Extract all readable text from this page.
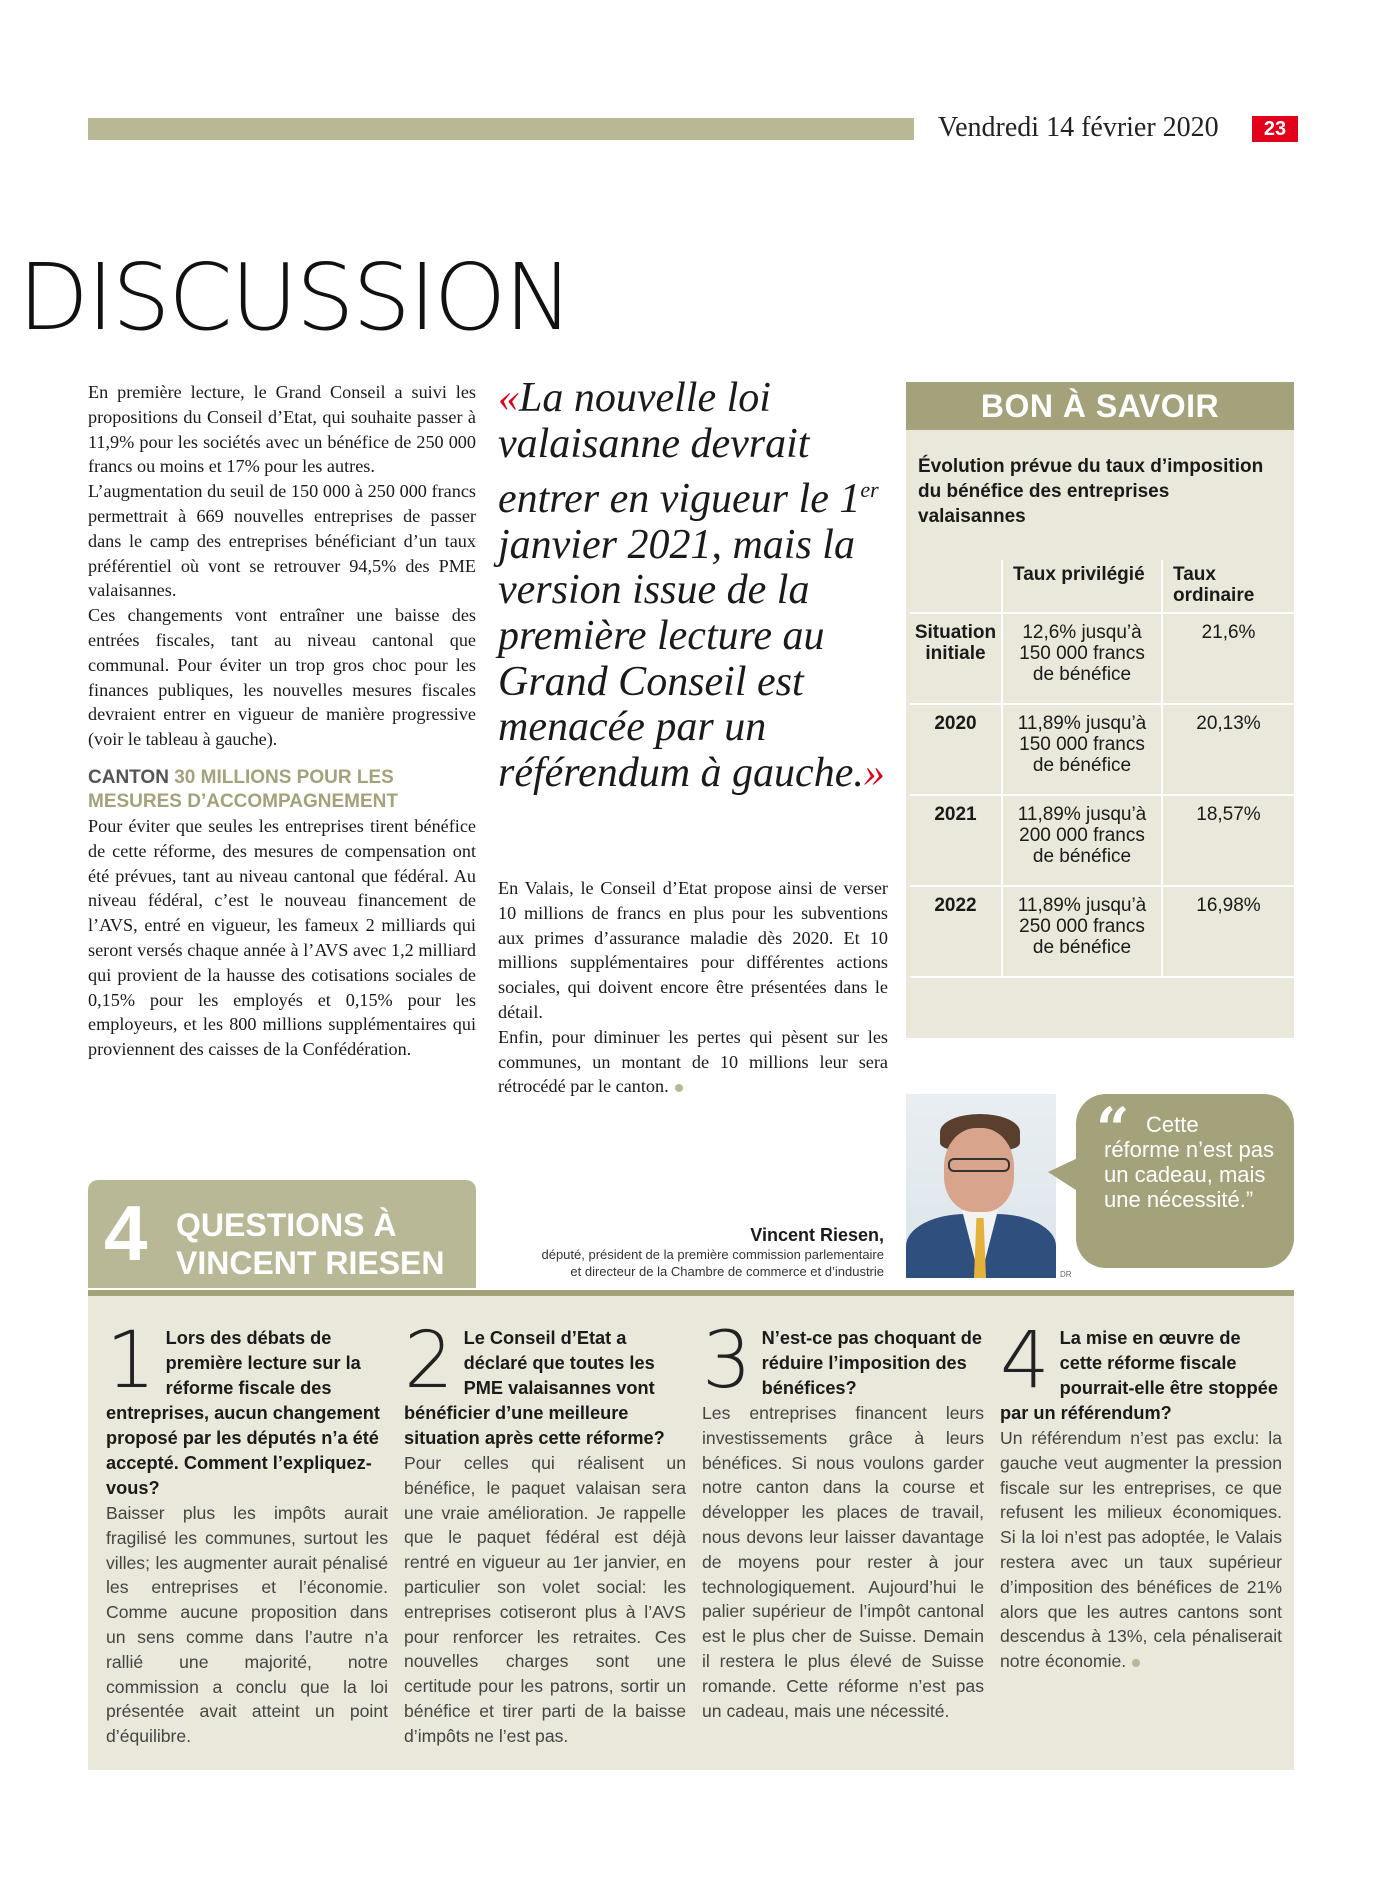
Vendredi 14 février 2020	23
DISCUSSION

En première lecture, le Grand Conseil a suivi les propositions du Conseil d’Etat, qui souhaite passer à 11,9% pour les sociétés avec un bénéfice de 250 000 francs ou moins et 17% pour les autres.

L’augmentation du seuil de 150 000 à 250 000 francs permettrait à 669 nouvelles entreprises de passer dans le camp des entreprises bénéficiant d’un taux préférentiel où vont se retrouver 94,5% des PME valaisannes.

Ces changements vont entraîner une baisse des entrées fiscales, tant au niveau cantonal que communal. Pour éviter un trop gros choc pour les finances publiques, les nouvelles mesures fiscales devraient entrer en vigueur de manière progressive (voir le tableau à gauche).

CANTON 30 MILLIONS POUR LES MESURES D’ACCOMPAGNEMENT

Pour éviter que seules les entreprises tirent bénéfice de cette réforme, des mesures de compensation ont été prévues, tant au niveau cantonal que fédéral. Au niveau fédéral, c’est le nouveau financement de l’AVS, entré en vigueur, les fameux 2 milliards qui seront versés chaque année à l’AVS avec 1,2 milliard qui provient de la hausse des cotisations sociales de 0,15% pour les employés et 0,15% pour les employeurs, et les 800 millions supplémentaires qui proviennent des caisses de la Confédération.

«La nouvelle loi valaisanne devrait entrer en vigueur le 1er janvier 2021, mais la version issue de la première lecture au Grand Conseil est menacée par un référendum à gauche.»

En Valais, le Conseil d’Etat propose ainsi de verser 10 millions de francs en plus pour les subventions aux primes d’assurance maladie dès 2020. Et 10 millions supplémentaires pour différentes actions sociales, qui doivent encore être présentées dans le détail.

Enfin, pour diminuer les pertes qui pèsent sur les communes, un montant de 10 millions leur sera rétrocédé par le canton.

BON À SAVOIR
Évolution prévue du taux d’imposition du bénéfice des entreprises valaisannes
	Taux privilégié	Taux ordinaire
Situation initiale	12,6% jusqu’à 150 000 francs de bénéfice	21,6%
2020	11,89% jusqu’à 150 000 francs de bénéfice	20,13%
2021	11,89% jusqu’à 200 000 francs de bénéfice	18,57%
2022	11,89% jusqu’à 250 000 francs de bénéfice	16,98%
DR
“ Cette réforme n’est pas un cadeau, mais une nécessité.”
4 QUESTIONS À
VINCENT RIESEN
Vincent Riesen,
député, président de la première commission parlementaire
et directeur de la Chambre de commerce et d’industrie
1 Lors des débats de première lecture sur la réforme fiscale des entreprises, aucun changement proposé par les députés n’a été accepté. Comment l’expliquez-vous?
Baisser plus les impôts aurait fragilisé les communes, surtout les villes; les augmenter aurait pénalisé les entreprises et l’économie. Comme aucune proposition dans un sens comme dans l’autre n’a rallié une majorité, notre commission a conclu que la loi présentée avait atteint un point d’équilibre.
2 Le Conseil d’Etat a déclaré que toutes les PME valaisannes vont bénéficier d’une meilleure situation après cette réforme?
Pour celles qui réalisent un bénéfice, le paquet valaisan sera une vraie amélioration. Je rappelle que le paquet fédéral est déjà rentré en vigueur au 1er janvier, en particulier son volet social: les entreprises cotiseront plus à l’AVS pour renforcer les retraites. Ces nouvelles charges sont une certitude pour les patrons, sortir un bénéfice et tirer parti de la baisse d’impôts ne l’est pas.
3 N’est-ce pas choquant de réduire l’imposition des bénéfices?
Les entreprises financent leurs investissements grâce à leurs bénéfices. Si nous voulons garder notre canton dans la course et développer les places de travail, nous devons leur laisser davantage de moyens pour rester à jour technologiquement. Aujourd’hui le palier supérieur de l’impôt cantonal est le plus cher de Suisse. Demain il restera le plus élevé de Suisse romande. Cette réforme n’est pas un cadeau, mais une nécessité.
4 La mise en œuvre de cette réforme fiscale pourrait-elle être stoppée par un référendum?
Un référendum n’est pas exclu: la gauche veut augmenter la pression fiscale sur les entreprises, ce que refusent les milieux économiques. Si la loi n’est pas adoptée, le Valais restera avec un taux supérieur d’imposition des bénéfices de 21% alors que les autres cantons sont descendus à 13%, cela pénaliserait notre économie.
